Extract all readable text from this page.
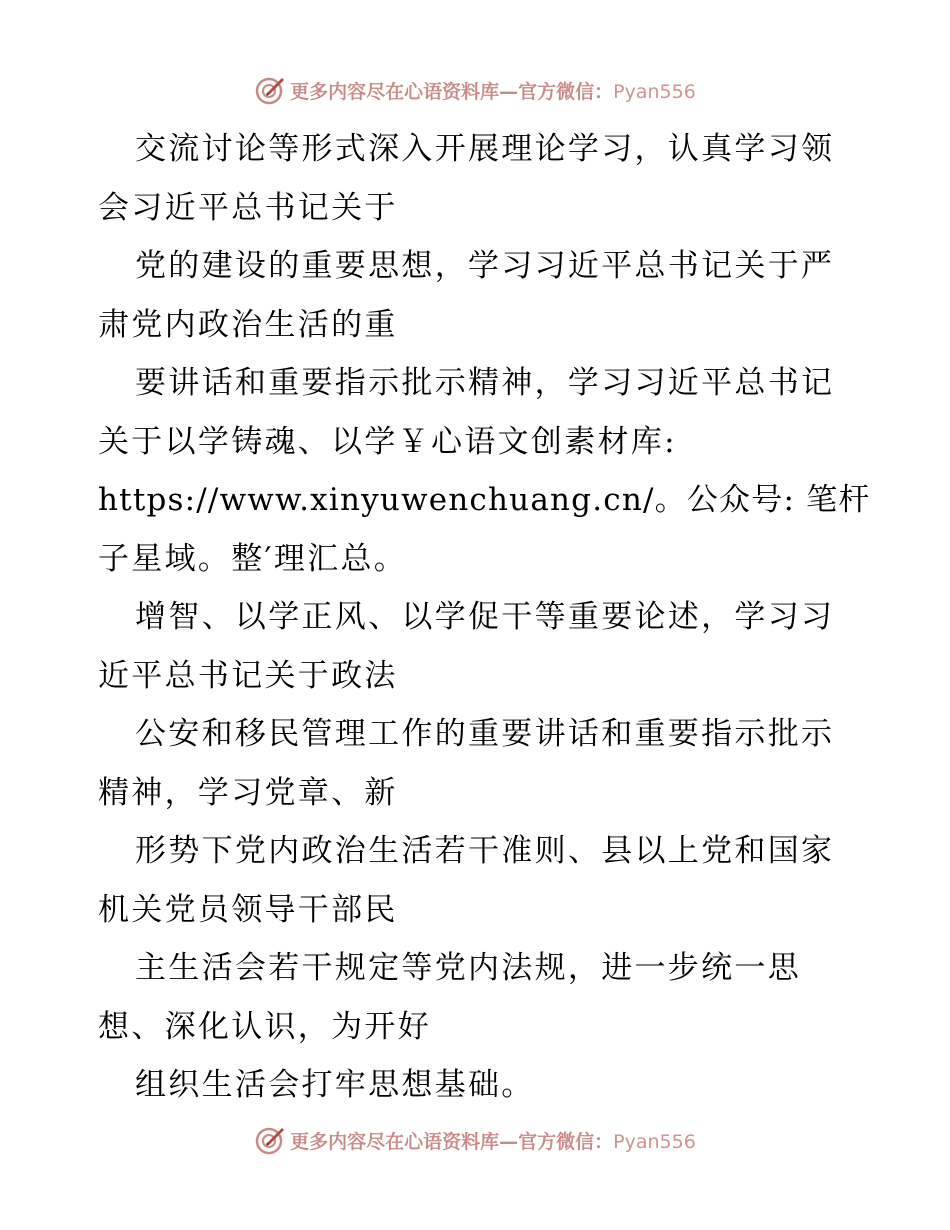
更多内容尽在心语资料库—官方微信：Pyan556
交流讨论等形式深入开展理论学习，认真学习领
会习近平总书记关于
党的建设的重要思想，学习习近平总书记关于严
肃党内政治生活的重
要讲话和重要指示批示精神，学习习近平总书记
关于以学铸魂、以学￥心语文创素材库:
https://www.xinyuwenchuang.cn/。公众号: 笔杆
子星域。整′理汇总。
增智、以学正风、以学促干等重要论述，学习习
近平总书记关于政法
公安和移民管理工作的重要讲话和重要指示批示
精神，学习党章、新
形势下党内政治生活若干准则、县以上党和国家
机关党员领导干部民
主生活会若干规定等党内法规，进一步统一思
想、深化认识，为开好
组织生活会打牢思想基础。
更多内容尽在心语资料库—官方微信：Pyan556
